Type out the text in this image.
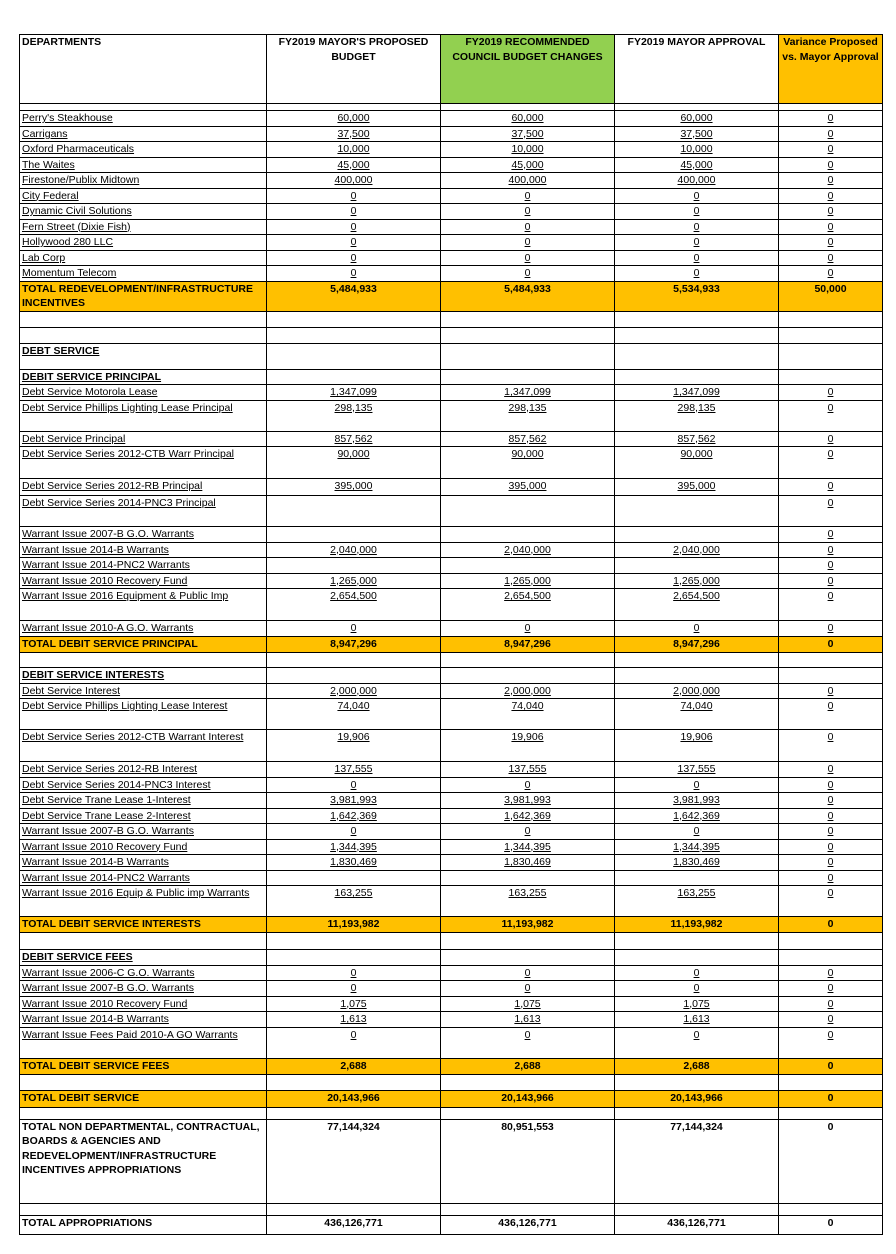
DEPARTMENTS	FY2019 MAYOR'S PROPOSED BUDGET	FY2019 RECOMMENDED COUNCIL BUDGET CHANGES	FY2019 MAYOR APPROVAL	Variance Proposed vs. Mayor Approval

Perry's Steakhouse	60,000	60,000	60,000	0
Carrigans	37,500	37,500	37,500	0
Oxford Pharmaceuticals	10,000	10,000	10,000	0
The Waites	45,000	45,000	45,000	0
Firestone/Publix Midtown	400,000	400,000	400,000	0
City Federal	0	0	0	0
Dynamic Civil Solutions	0	0	0	0
Fern Street (Dixie Fish)	0	0	0	0
Hollywood 280 LLC	0	0	0	0
Lab Corp	0	0	0	0
Momentum Telecom	0	0	0	0
TOTAL REDEVELOPMENT/INFRASTRUCTURE INCENTIVES	5,484,933	5,484,933	5,534,933	50,000

DEBT SERVICE				
DEBIT SERVICE PRINCIPAL				
Debt Service Motorola Lease	1,347,099	1,347,099	1,347,099	0
Debt Service Phillips Lighting Lease Principal	298,135	298,135	298,135	0
Debt Service Principal	857,562	857,562	857,562	0
Debt Service Series 2012-CTB Warr Principal	90,000	90,000	90,000	0
Debt Service Series 2012-RB Principal	395,000	395,000	395,000	0
Debt Service Series 2014-PNC3 Principal				0
Warrant Issue 2007-B G.O. Warrants				0
Warrant Issue 2014-B Warrants	2,040,000	2,040,000	2,040,000	0
Warrant Issue 2014-PNC2 Warrants				0
Warrant Issue 2010 Recovery Fund	1,265,000	1,265,000	1,265,000	0
Warrant Issue 2016 Equipment & Public Imp	2,654,500	2,654,500	2,654,500	0
Warrant Issue 2010-A G.O. Warrants	0	0	0	0
TOTAL DEBIT SERVICE PRINCIPAL	8,947,296	8,947,296	8,947,296	0

DEBIT SERVICE INTERESTS				
Debt Service Interest	2,000,000	2,000,000	2,000,000	0
Debt Service Phillips Lighting Lease Interest	74,040	74,040	74,040	0
Debt Service Series 2012-CTB Warrant Interest	19,906	19,906	19,906	0
Debt Service Series 2012-RB Interest	137,555	137,555	137,555	0
Debt Service Series 2014-PNC3 Interest	0	0	0	0
Debt Service Trane Lease 1-Interest	3,981,993	3,981,993	3,981,993	0
Debt Service Trane Lease 2-Interest	1,642,369	1,642,369	1,642,369	0
Warrant Issue 2007-B G.O. Warrants	0	0	0	0
Warrant Issue 2010 Recovery Fund	1,344,395	1,344,395	1,344,395	0
Warrant Issue 2014-B Warrants	1,830,469	1,830,469	1,830,469	0
Warrant Issue 2014-PNC2 Warrants				0
Warrant Issue 2016 Equip & Public imp Warrants	163,255	163,255	163,255	0
TOTAL DEBIT SERVICE INTERESTS	11,193,982	11,193,982	11,193,982	0

DEBIT SERVICE FEES				
Warrant Issue 2006-C G.O. Warrants	0	0	0	0
Warrant Issue 2007-B G.O. Warrants	0	0	0	0
Warrant Issue 2010 Recovery Fund	1,075	1,075	1,075	0
Warrant Issue 2014-B Warrants	1,613	1,613	1,613	0
Warrant Issue Fees Paid 2010-A GO Warrants	0	0	0	0
TOTAL DEBIT SERVICE FEES	2,688	2,688	2,688	0

TOTAL DEBIT SERVICE	20,143,966	20,143,966	20,143,966	0

TOTAL NON DEPARTMENTAL, CONTRACTUAL, BOARDS & AGENCIES AND REDEVELOPMENT/INFRASTRUCTURE INCENTIVES APPROPRIATIONS	77,144,324	80,951,553	77,144,324	0

TOTAL APPROPRIATIONS	436,126,771	436,126,771	436,126,771	0
